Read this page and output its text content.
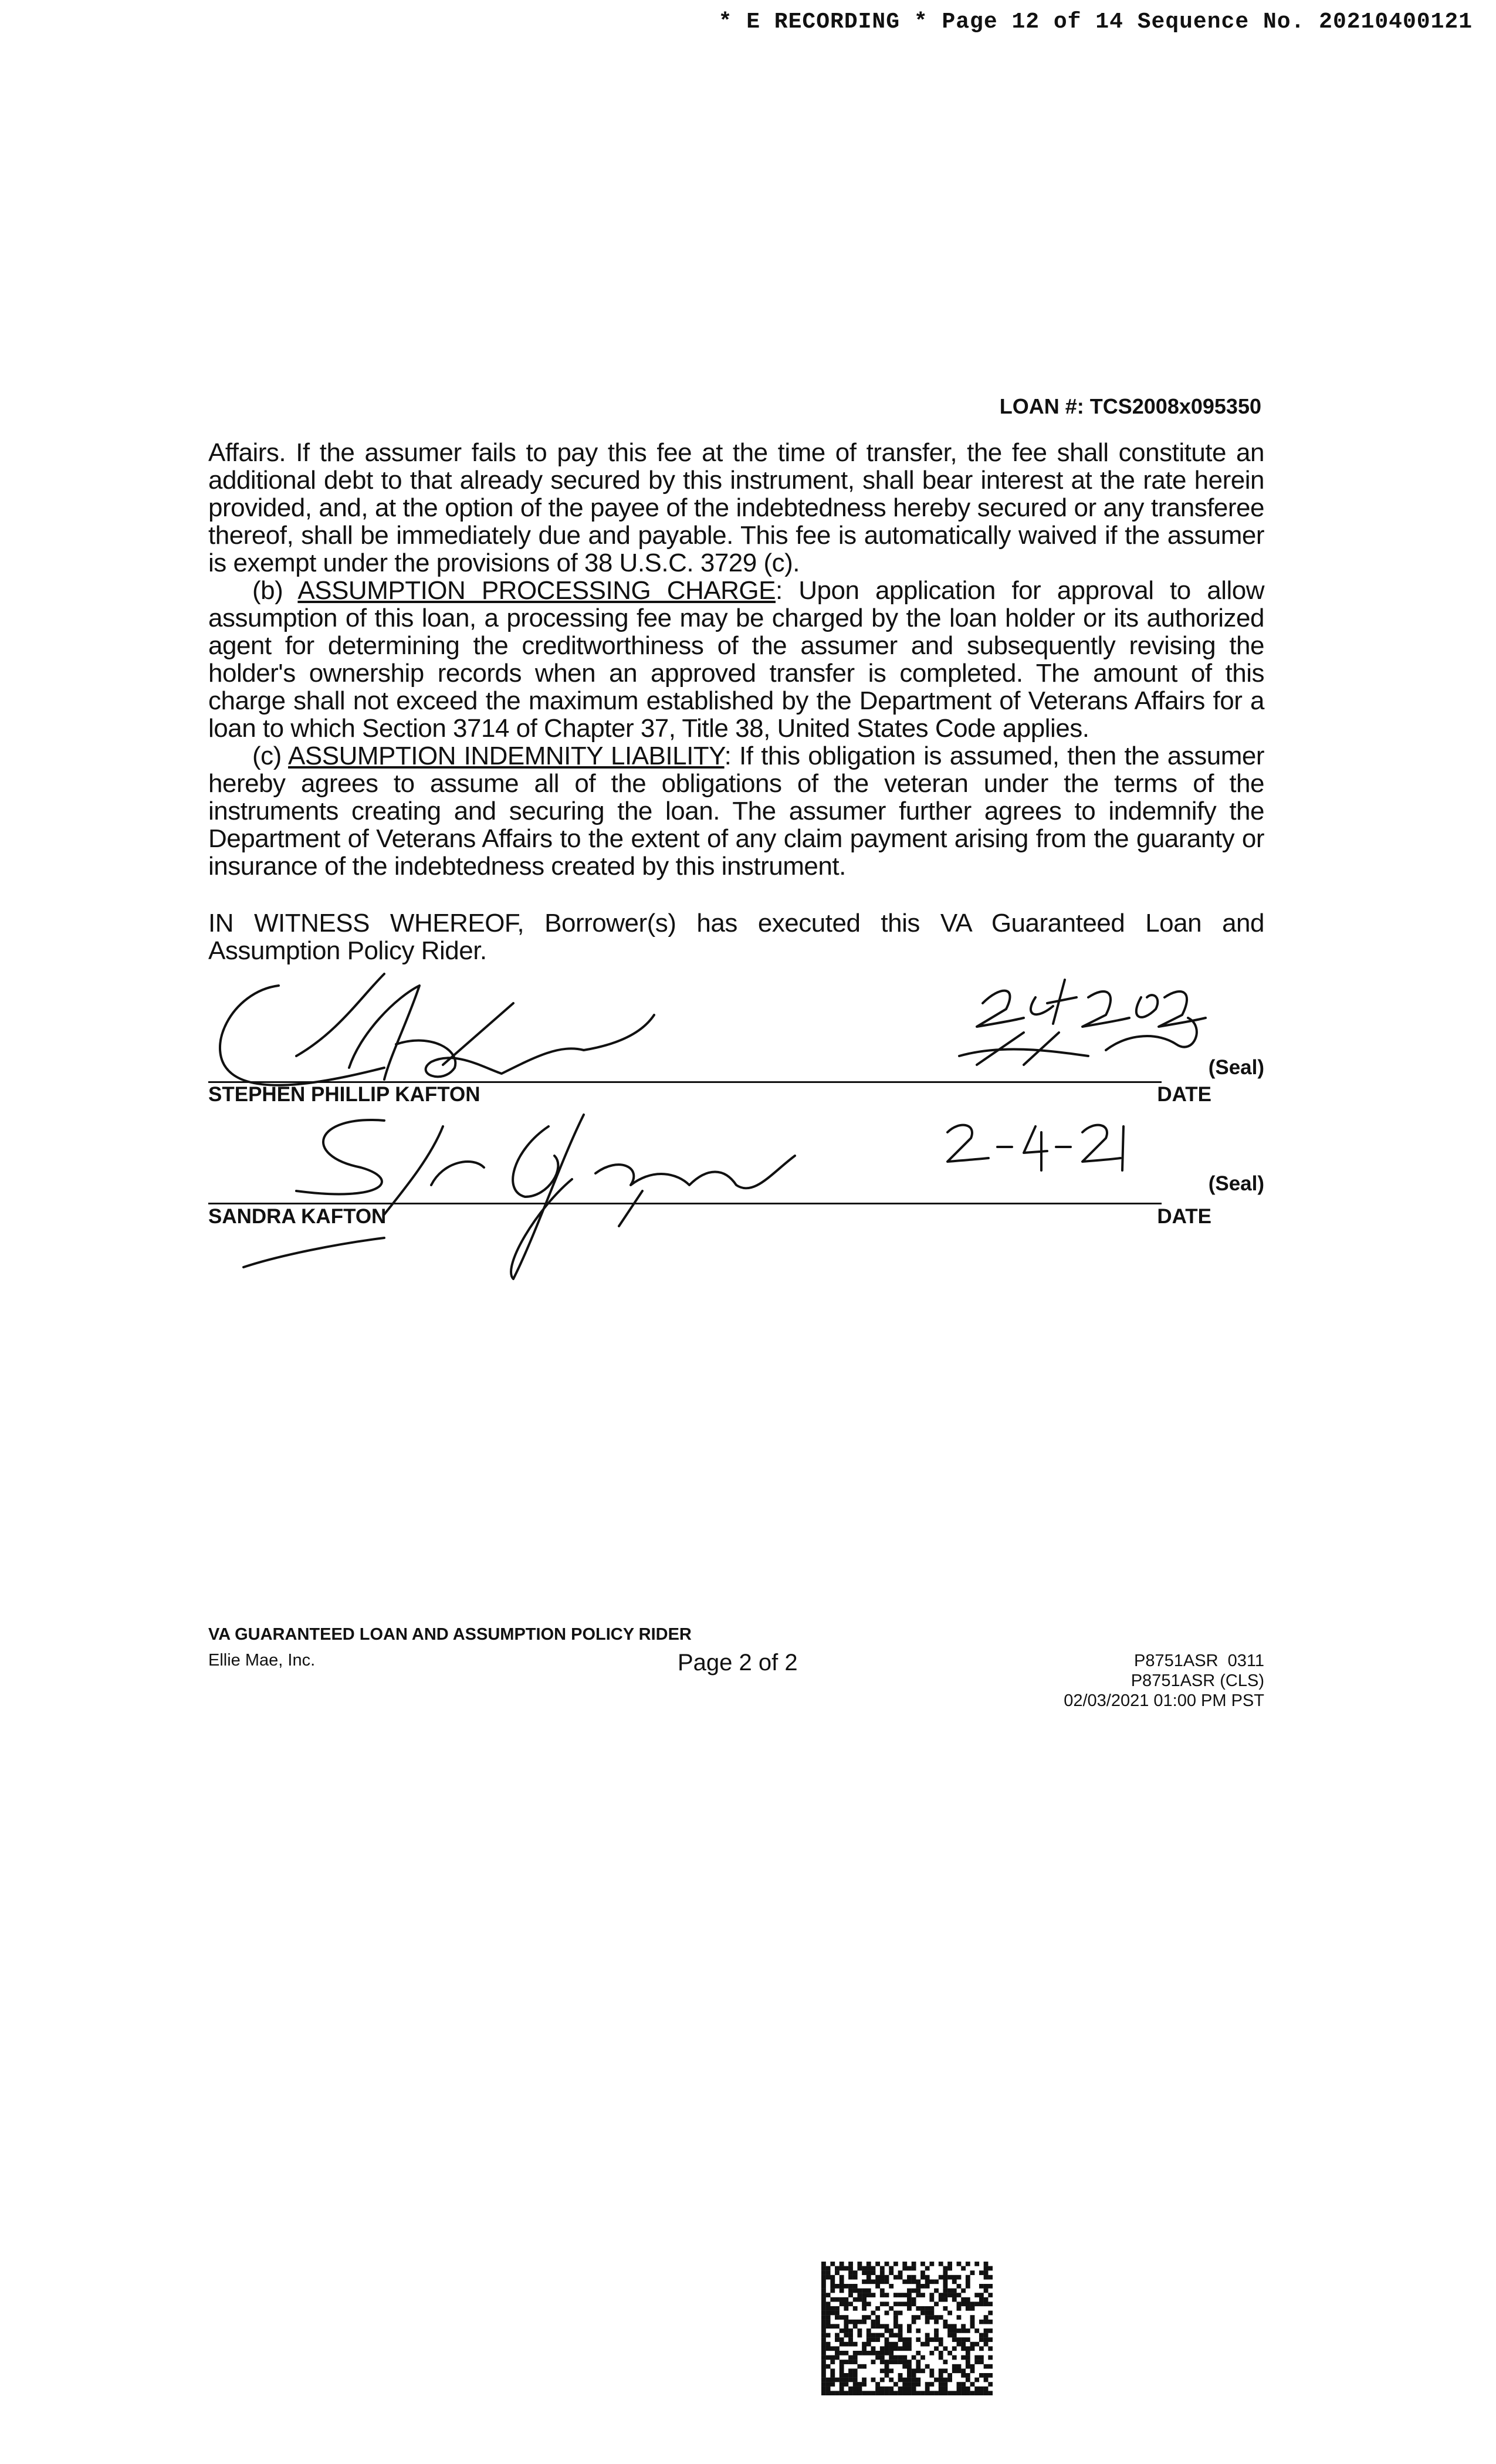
* E RECORDING * Page 12 of 14 Sequence No. 20210400121
LOAN #: TCS2008x095350

Affairs. If the assumer fails to pay this fee at the time of transfer, the fee shall constitute an additional debt to that already secured by this instrument, shall bear interest at the rate herein provided, and, at the option of the payee of the indebtedness hereby secured or any transferee thereof, shall be immediately due and payable. This fee is automatically waived if the assumer is exempt under the provisions of 38 U.S.C. 3729 (c).

(b) ASSUMPTION PROCESSING CHARGE: Upon application for approval to allow assumption of this loan, a processing fee may be charged by the loan holder or its authorized agent for determining the creditworthiness of the assumer and subsequently revising the holder's ownership records when an approved transfer is completed. The amount of this charge shall not exceed the maximum established by the Department of Veterans Affairs for a loan to which Section 3714 of Chapter 37, Title 38, United States Code applies.

(c) ASSUMPTION INDEMNITY LIABILITY: If this obligation is assumed, then the assumer hereby agrees to assume all of the obligations of the veteran under the terms of the instruments creating and securing the loan. The assumer further agrees to indemnify the Department of Veterans Affairs to the extent of any claim payment arising from the guaranty or insurance of the indebtedness created by this instrument.

IN WITNESS WHEREOF, Borrower(s) has executed this VA Guaranteed Loan and Assumption Policy Rider.

(Seal)
STEPHEN PHILLIP KAFTON	DATE
(Seal)
SANDRA KAFTON	DATE
VA GUARANTEED LOAN AND ASSUMPTION POLICY RIDER
Ellie Mae, Inc.	Page 2 of 2	P8751ASR  0311
P8751ASR (CLS)
02/03/2021 01:00 PM PST
